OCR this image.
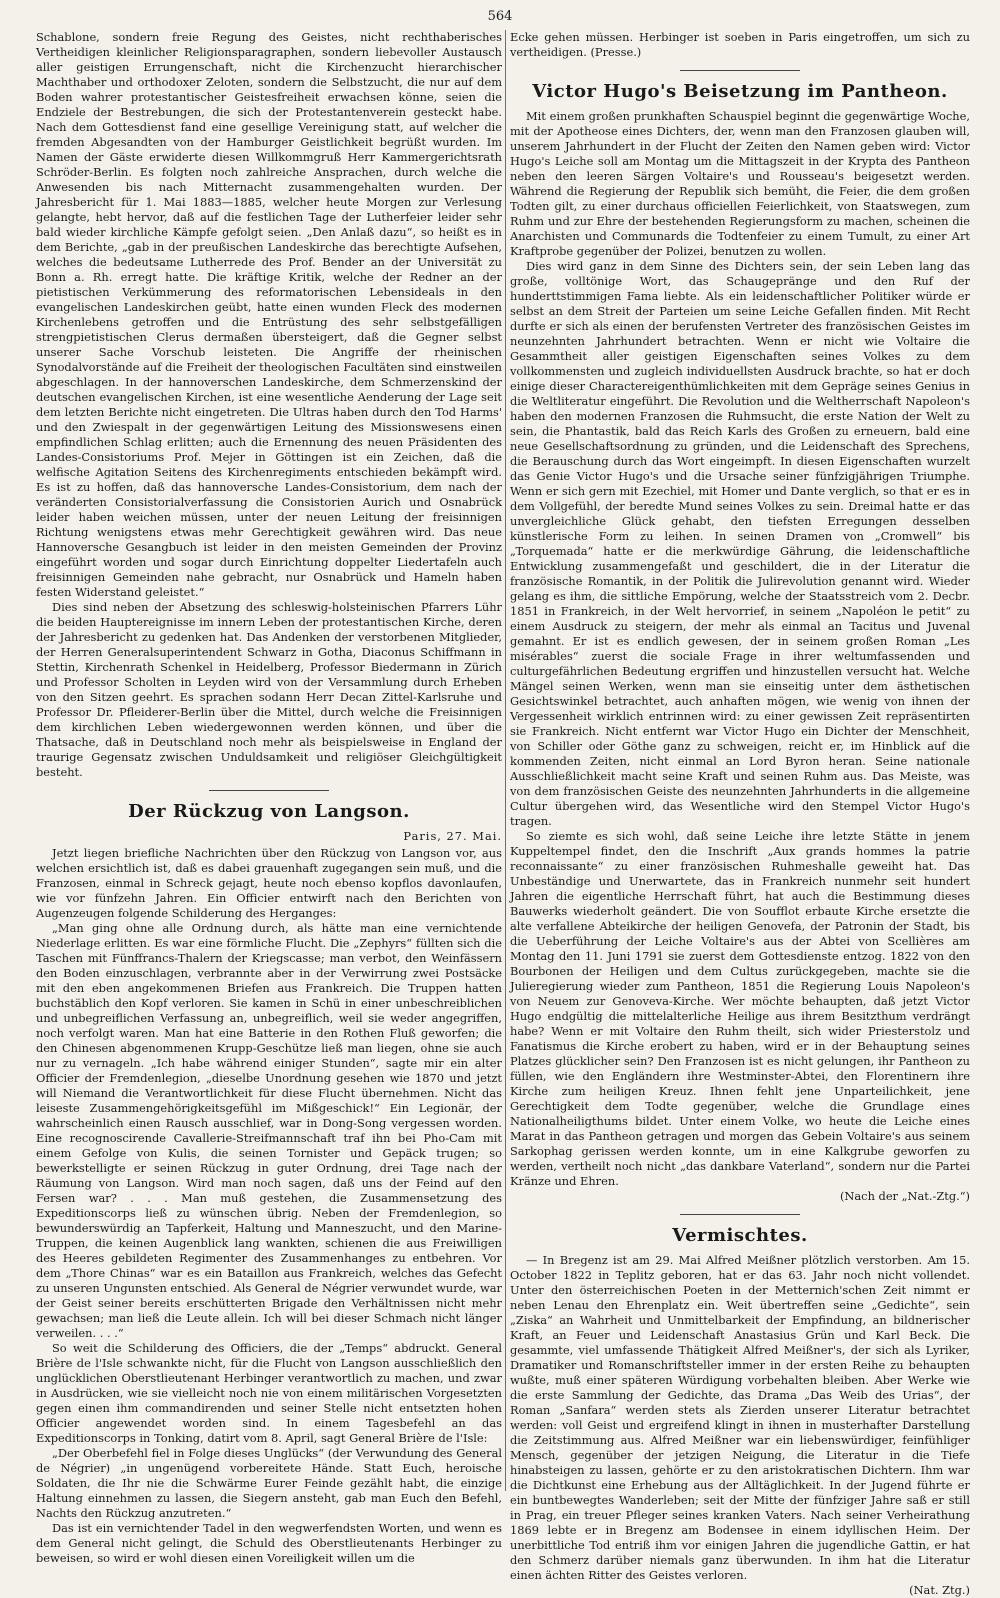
564

Schablone, sondern freie Regung des Geistes, nicht rechthaberisches Vertheidigen kleinlicher Religionsparagraphen, sondern liebevoller Austausch aller geistigen Errungenschaft, nicht die Kirchenzucht hierarchischer Machthaber und orthodoxer Zeloten, sondern die Selbstzucht, die nur auf dem Boden wahrer protestantischer Geistesfreiheit erwachsen könne, seien die Endziele der Bestrebungen, die sich der Protestantenverein gesteckt habe. Nach dem Gottesdienst fand eine gesellige Vereinigung statt, auf welcher die fremden Abgesandten von der Hamburger Geistlichkeit begrüßt wurden. Im Namen der Gäste erwiderte diesen Willkommgruß Herr Kammergerichtsrath Schröder-Berlin. Es folgten noch zahlreiche Ansprachen, durch welche die Anwesenden bis nach Mitternacht zusammengehalten wurden. Der Jahresbericht für 1. Mai 1883—1885, welcher heute Morgen zur Verlesung gelangte, hebt hervor, daß auf die festlichen Tage der Lutherfeier leider sehr bald wieder kirchliche Kämpfe gefolgt seien. „Den Anlaß dazu“, so heißt es in dem Berichte, „gab in der preußischen Landeskirche das berechtigte Aufsehen, welches die bedeutsame Lutherrede des Prof. Bender an der Universität zu Bonn a. Rh. erregt hatte. Die kräftige Kritik, welche der Redner an der pietistischen Verkümmerung des reformatorischen Lebensideals in den evangelischen Landeskirchen geübt, hatte einen wunden Fleck des modernen Kirchenlebens getroffen und die Entrüstung des sehr selbstgefälligen strengpietistischen Clerus dermaßen übersteigert, daß die Gegner selbst unserer Sache Vorschub leisteten. Die Angriffe der rheinischen Synodalvorstände auf die Freiheit der theologischen Facultäten sind einstweilen abgeschlagen. In der hannoverschen Landeskirche, dem Schmerzenskind der deutschen evangelischen Kirchen, ist eine wesentliche Aenderung der Lage seit dem letzten Berichte nicht eingetreten. Die Ultras haben durch den Tod Harms' und den Zwiespalt in der gegenwärtigen Leitung des Missionswesens einen empfindlichen Schlag erlitten; auch die Ernennung des neuen Präsidenten des Landes-Consistoriums Prof. Mejer in Göttingen ist ein Zeichen, daß die welfische Agitation Seitens des Kirchenregiments entschieden bekämpft wird. Es ist zu hoffen, daß das hannoversche Landes-Consistorium, dem nach der veränderten Consistorialverfassung die Consistorien Aurich und Osnabrück leider haben weichen müssen, unter der neuen Leitung der freisinnigen Richtung wenigstens etwas mehr Gerechtigkeit gewähren wird. Das neue Hannoversche Gesangbuch ist leider in den meisten Gemeinden der Provinz eingeführt worden und sogar durch Einrichtung doppelter Liedertafeln auch freisinnigen Gemeinden nahe gebracht, nur Osnabrück und Hameln haben festen Widerstand geleistet.“

Dies sind neben der Absetzung des schleswig-holsteinischen Pfarrers Lühr die beiden Hauptereignisse im innern Leben der protestantischen Kirche, deren der Jahresbericht zu gedenken hat. Das Andenken der verstorbenen Mitglieder, der Herren Generalsuperintendent Schwarz in Gotha, Diaconus Schiffmann in Stettin, Kirchenrath Schenkel in Heidelberg, Professor Biedermann in Zürich und Professor Scholten in Leyden wird von der Versammlung durch Erheben von den Sitzen geehrt. Es sprachen sodann Herr Decan Zittel-Karlsruhe und Professor Dr. Pfleiderer-Berlin über die Mittel, durch welche die Freisinnigen dem kirchlichen Leben wiedergewonnen werden können, und über die Thatsache, daß in Deutschland noch mehr als beispielsweise in England der traurige Gegensatz zwischen Unduldsamkeit und religiöser Gleichgültigkeit besteht.

Der Rückzug von Langson.

Paris, 27. Mai.

Jetzt liegen briefliche Nachrichten über den Rückzug von Langson vor, aus welchen ersichtlich ist, daß es dabei grauenhaft zugegangen sein muß, und die Franzosen, einmal in Schreck gejagt, heute noch ebenso kopflos davonlaufen, wie vor fünfzehn Jahren. Ein Officier entwirft nach den Berichten von Augenzeugen folgende Schilderung des Herganges:

„Man ging ohne alle Ordnung durch, als hätte man eine vernichtende Niederlage erlitten. Es war eine förmliche Flucht. Die „Zephyrs“ füllten sich die Taschen mit Fünffrancs-Thalern der Kriegscasse; man verbot, den Weinfässern den Boden einzuschlagen, verbrannte aber in der Verwirrung zwei Postsäcke mit den eben angekommenen Briefen aus Frankreich. Die Truppen hatten buchstäblich den Kopf verloren. Sie kamen in Schü in einer unbeschreiblichen und unbegreiflichen Verfassung an, unbegreiflich, weil sie weder angegriffen, noch verfolgt waren. Man hat eine Batterie in den Rothen Fluß geworfen; die den Chinesen abgenommenen Krupp-Geschütze ließ man liegen, ohne sie auch nur zu vernageln. „Ich habe während einiger Stunden“, sagte mir ein alter Officier der Fremdenlegion, „dieselbe Unordnung gesehen wie 1870 und jetzt will Niemand die Verantwortlichkeit für diese Flucht übernehmen. Nicht das leiseste Zusammengehörigkeitsgefühl im Mißgeschick!“ Ein Legionär, der wahrscheinlich einen Rausch ausschlief, war in Dong-Song vergessen worden. Eine recognoscirende Cavallerie-Streifmannschaft traf ihn bei Pho-Cam mit einem Gefolge von Kulis, die seinen Tornister und Gepäck trugen; so bewerkstelligte er seinen Rückzug in guter Ordnung, drei Tage nach der Räumung von Langson. Wird man noch sagen, daß uns der Feind auf den Fersen war? . . . Man muß gestehen, die Zusammensetzung des Expeditionscorps ließ zu wünschen übrig. Neben der Fremdenlegion, so bewunderswürdig an Tapferkeit, Haltung und Manneszucht, und den Marine-Truppen, die keinen Augenblick lang wankten, schienen die aus Freiwilligen des Heeres gebildeten Regimenter des Zusammenhanges zu entbehren. Vor dem „Thore Chinas“ war es ein Bataillon aus Frankreich, welches das Gefecht zu unseren Ungunsten entschied. Als General de Négrier verwundet wurde, war der Geist seiner bereits erschütterten Brigade den Verhältnissen nicht mehr gewachsen; man ließ die Leute allein. Ich will bei dieser Schmach nicht länger verweilen. . . .“

So weit die Schilderung des Officiers, die der „Temps“ abdruckt. General Brière de l'Isle schwankte nicht, für die Flucht von Langson ausschließlich den unglücklichen Oberstlieutenant Herbinger verantwortlich zu machen, und zwar in Ausdrücken, wie sie vielleicht noch nie von einem militärischen Vorgesetzten gegen einen ihm commandirenden und seiner Stelle nicht entsetzten hohen Officier angewendet worden sind. In einem Tagesbefehl an das Expeditionscorps in Tonking, datirt vom 8. April, sagt General Brière de l'Isle:

„Der Oberbefehl fiel in Folge dieses Unglücks“ (der Verwundung des General de Négrier) „in ungenügend vorbereitete Hände. Statt Euch, heroische Soldaten, die Ihr nie die Schwärme Eurer Feinde gezählt habt, die einzige Haltung einnehmen zu lassen, die Siegern ansteht, gab man Euch den Befehl, Nachts den Rückzug anzutreten.“

Das ist ein vernichtender Tadel in den wegwerfendsten Worten, und wenn es dem General nicht gelingt, die Schuld des Oberstlieutenants Herbinger zu beweisen, so wird er wohl diesen einen Voreiligkeit willen um die

Ecke gehen müssen. Herbinger ist soeben in Paris eingetroffen, um sich zu vertheidigen. (Presse.)

Victor Hugo's Beisetzung im Pantheon.

Mit einem großen prunkhaften Schauspiel beginnt die gegenwärtige Woche, mit der Apotheose eines Dichters, der, wenn man den Franzosen glauben will, unserem Jahrhundert in der Flucht der Zeiten den Namen geben wird: Victor Hugo's Leiche soll am Montag um die Mittagszeit in der Krypta des Pantheon neben den leeren Särgen Voltaire's und Rousseau's beigesetzt werden. Während die Regierung der Republik sich bemüht, die Feier, die dem großen Todten gilt, zu einer durchaus officiellen Feierlichkeit, von Staatswegen, zum Ruhm und zur Ehre der bestehenden Regierungsform zu machen, scheinen die Anarchisten und Communards die Todtenfeier zu einem Tumult, zu einer Art Kraftprobe gegenüber der Polizei, benutzen zu wollen.

Dies wird ganz in dem Sinne des Dichters sein, der sein Leben lang das große, volltönige Wort, das Schaugepränge und den Ruf der hunderttstimmigen Fama liebte. Als ein leidenschaftlicher Politiker würde er selbst an dem Streit der Parteien um seine Leiche Gefallen finden. Mit Recht durfte er sich als einen der berufensten Vertreter des französischen Geistes im neunzehnten Jahrhundert betrachten. Wenn er nicht wie Voltaire die Gesammtheit aller geistigen Eigenschaften seines Volkes zu dem vollkommensten und zugleich individuellsten Ausdruck brachte, so hat er doch einige dieser Charactereigenthümlichkeiten mit dem Gepräge seines Genius in die Weltliteratur eingeführt. Die Revolution und die Weltherrschaft Napoleon's haben den modernen Franzosen die Ruhmsucht, die erste Nation der Welt zu sein, die Phantastik, bald das Reich Karls des Großen zu erneuern, bald eine neue Gesellschaftsordnung zu gründen, und die Leidenschaft des Sprechens, die Berauschung durch das Wort eingeimpft. In diesen Eigenschaften wurzelt das Genie Victor Hugo's und die Ursache seiner fünfzigjährigen Triumphe. Wenn er sich gern mit Ezechiel, mit Homer und Dante verglich, so that er es in dem Vollgefühl, der beredte Mund seines Volkes zu sein. Dreimal hatte er das unvergleichliche Glück gehabt, den tiefsten Erregungen desselben künstlerische Form zu leihen. In seinen Dramen von „Cromwell“ bis „Torquemada“ hatte er die merkwürdige Gährung, die leidenschaftliche Entwicklung zusammengefaßt und geschildert, die in der Literatur die französische Romantik, in der Politik die Julirevolution genannt wird. Wieder gelang es ihm, die sittliche Empörung, welche der Staatsstreich vom 2. Decbr. 1851 in Frankreich, in der Welt hervorrief, in seinem „Napoléon le petit“ zu einem Ausdruck zu steigern, der mehr als einmal an Tacitus und Juvenal gemahnt. Er ist es endlich gewesen, der in seinem großen Roman „Les misérables“ zuerst die sociale Frage in ihrer weltumfassenden und culturgefährlichen Bedeutung ergriffen und hinzustellen versucht hat. Welche Mängel seinen Werken, wenn man sie einseitig unter dem ästhetischen Gesichtswinkel betrachtet, auch anhaften mögen, wie wenig von ihnen der Vergessenheit wirklich entrinnen wird: zu einer gewissen Zeit repräsentirten sie Frankreich. Nicht entfernt war Victor Hugo ein Dichter der Menschheit, von Schiller oder Göthe ganz zu schweigen, reicht er, im Hinblick auf die kommenden Zeiten, nicht einmal an Lord Byron heran. Seine nationale Ausschließlichkeit macht seine Kraft und seinen Ruhm aus. Das Meiste, was von dem französischen Geiste des neunzehnten Jahrhunderts in die allgemeine Cultur übergehen wird, das Wesentliche wird den Stempel Victor Hugo's tragen.

So ziemte es sich wohl, daß seine Leiche ihre letzte Stätte in jenem Kuppeltempel findet, den die Inschrift „Aux grands hommes la patrie reconnaissante“ zu einer französischen Ruhmeshalle geweiht hat. Das Unbeständige und Unerwartete, das in Frankreich nunmehr seit hundert Jahren die eigentliche Herrschaft führt, hat auch die Bestimmung dieses Bauwerks wiederholt geändert. Die von Soufflot erbaute Kirche ersetzte die alte verfallene Abteikirche der heiligen Genovefa, der Patronin der Stadt, bis die Ueberführung der Leiche Voltaire's aus der Abtei von Scellières am Montag den 11. Juni 1791 sie zuerst dem Gottesdienste entzog. 1822 von den Bourbonen der Heiligen und dem Cultus zurückgegeben, machte sie die Julieregierung wieder zum Pantheon, 1851 die Regierung Louis Napoleon's von Neuem zur Genoveva-Kirche. Wer möchte behaupten, daß jetzt Victor Hugo endgültig die mittelalterliche Heilige aus ihrem Besitzthum verdrängt habe? Wenn er mit Voltaire den Ruhm theilt, sich wider Priesterstolz und Fanatismus die Kirche erobert zu haben, wird er in der Behauptung seines Platzes glücklicher sein? Den Franzosen ist es nicht gelungen, ihr Pantheon zu füllen, wie den Engländern ihre Westminster-Abtei, den Florentinern ihre Kirche zum heiligen Kreuz. Ihnen fehlt jene Unparteilichkeit, jene Gerechtigkeit dem Todte gegenüber, welche die Grundlage eines Nationalheiligthums bildet. Unter einem Volke, wo heute die Leiche eines Marat in das Pantheon getragen und morgen das Gebein Voltaire's aus seinem Sarkophag gerissen werden konnte, um in eine Kalkgrube geworfen zu werden, vertheilt noch nicht „das dankbare Vaterland“, sondern nur die Partei Kränze und Ehren.

(Nach der „Nat.-Ztg.“)

Vermischtes.

— In Bregenz ist am 29. Mai Alfred Meißner plötzlich verstorben. Am 15. October 1822 in Teplitz geboren, hat er das 63. Jahr noch nicht vollendet. Unter den österreichischen Poeten in der Metternich'schen Zeit nimmt er neben Lenau den Ehrenplatz ein. Weit übertreffen seine „Gedichte“, sein „Ziska“ an Wahrheit und Unmittelbarkeit der Empfindung, an bildnerischer Kraft, an Feuer und Leidenschaft Anastasius Grün und Karl Beck. Die gesammte, viel umfassende Thätigkeit Alfred Meißner's, der sich als Lyriker, Dramatiker und Romanschriftsteller immer in der ersten Reihe zu behaupten wußte, muß einer späteren Würdigung vorbehalten bleiben. Aber Werke wie die erste Sammlung der Gedichte, das Drama „Das Weib des Urias“, der Roman „Sanfara“ werden stets als Zierden unserer Literatur betrachtet werden: voll Geist und ergreifend klingt in ihnen in musterhafter Darstellung die Zeitstimmung aus. Alfred Meißner war ein liebenswürdiger, feinfühliger Mensch, gegenüber der jetzigen Neigung, die Literatur in die Tiefe hinabsteigen zu lassen, gehörte er zu den aristokratischen Dichtern. Ihm war die Dichtkunst eine Erhebung aus der Alltäglichkeit. In der Jugend führte er ein buntbewegtes Wanderleben; seit der Mitte der fünfziger Jahre saß er still in Prag, ein treuer Pfleger seines kranken Vaters. Nach seiner Verheirathung 1869 lebte er in Bregenz am Bodensee in einem idyllischen Heim. Der unerbittliche Tod entriß ihm vor einigen Jahren die jugendliche Gattin, er hat den Schmerz darüber niemals ganz überwunden. In ihm hat die Literatur einen ächten Ritter des Geistes verloren.

(Nat. Ztg.)
